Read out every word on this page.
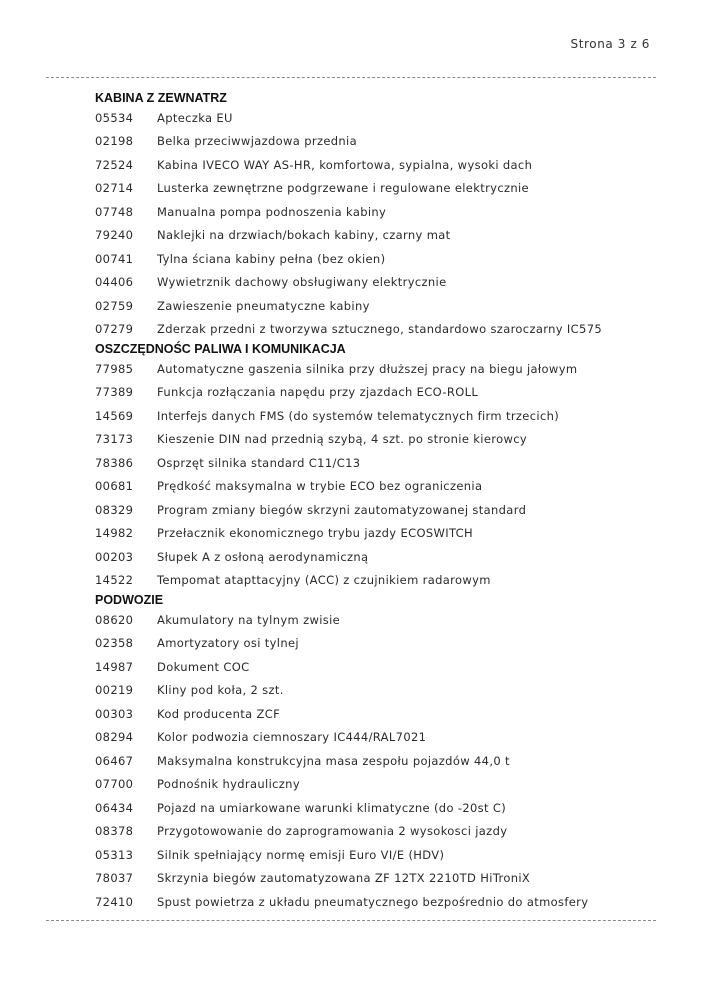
Strona 3 z 6
KABINA Z ZEWNATRZ
05534	Apteczka EU
02198	Belka przeciwwjazdowa przednia
72524	Kabina IVECO WAY AS-HR, komfortowa, sypialna, wysoki dach
02714	Lusterka zewnętrzne podgrzewane i regulowane elektrycznie
07748	Manualna pompa podnoszenia kabiny
79240	Naklejki na drzwiach/bokach kabiny, czarny mat
00741	Tylna ściana kabiny pełna (bez okien)
04406	Wywietrznik dachowy obsługiwany elektrycznie
02759	Zawieszenie pneumatyczne kabiny
07279	Zderzak przedni z tworzywa sztucznego, standardowo szaroczarny IC575
OSZCZĘDNOŚC PALIWA I KOMUNIKACJA
77985	Automatyczne gaszenia silnika przy dłuższej pracy na biegu jałowym
77389	Funkcja rozłączania napędu przy zjazdach ECO-ROLL
14569	Interfejs danych FMS (do systemów telematycznych firm trzecich)
73173	Kieszenie DIN nad przednią szybą, 4 szt. po stronie kierowcy
78386	Osprzęt silnika standard C11/C13
00681	Prędkość maksymalna w trybie ECO bez ograniczenia
08329	Program zmiany biegów skrzyni zautomatyzowanej standard
14982	Przełacznik ekonomicznego trybu jazdy ECOSWITCH
00203	Słupek A z osłoną aerodynamiczną
14522	Tempomat atapttacyjny (ACC) z czujnikiem radarowym
PODWOZIE
08620	Akumulatory na tylnym zwisie
02358	Amortyzatory osi tylnej
14987	Dokument COC
00219	Kliny pod koła, 2 szt.
00303	Kod producenta ZCF
08294	Kolor podwozia ciemnoszary IC444/RAL7021
06467	Maksymalna konstrukcyjna masa zespołu pojazdów 44,0 t
07700	Podnośnik hydrauliczny
06434	Pojazd na umiarkowane warunki klimatyczne (do -20st C)
08378	Przygotowowanie do zaprogramowania 2 wysokosci jazdy
05313	Silnik spełniający normę emisji Euro VI/E (HDV)
78037	Skrzynia biegów zautomatyzowana ZF 12TX 2210TD HiTroniX
72410	Spust powietrza z układu pneumatycznego bezpośrednio do atmosfery
